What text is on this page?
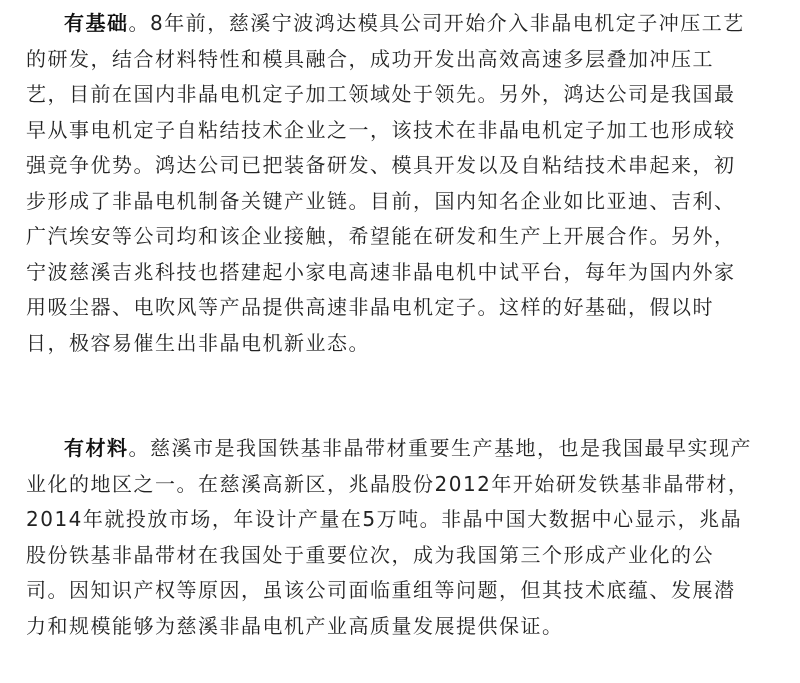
有基础。8年前，慈溪宁波鸿达模具公司开始介入非晶电机定子冲压工艺
的研发，结合材料特性和模具融合，成功开发出高效高速多层叠加冲压工
艺，目前在国内非晶电机定子加工领域处于领先。另外，鸿达公司是我国最
早从事电机定子自粘结技术企业之一，该技术在非晶电机定子加工也形成较
强竞争优势。鸿达公司已把装备研发、模具开发以及自粘结技术串起来，初
步形成了非晶电机制备关键产业链。目前，国内知名企业如比亚迪、吉利、
广汽埃安等公司均和该企业接触，希望能在研发和生产上开展合作。另外，
宁波慈溪吉兆科技也搭建起小家电高速非晶电机中试平台，每年为国内外家
用吸尘器、电吹风等产品提供高速非晶电机定子。这样的好基础，假以时
日，极容易催生出非晶电机新业态。
有材料。慈溪市是我国铁基非晶带材重要生产基地，也是我国最早实现产
业化的地区之一。在慈溪高新区，兆晶股份2012年开始研发铁基非晶带材，
2014年就投放市场，年设计产量在5万吨。非晶中国大数据中心显示，兆晶
股份铁基非晶带材在我国处于重要位次，成为我国第三个形成产业化的公
司。因知识产权等原因，虽该公司面临重组等问题，但其技术底蕴、发展潜
力和规模能够为慈溪非晶电机产业高质量发展提供保证。
